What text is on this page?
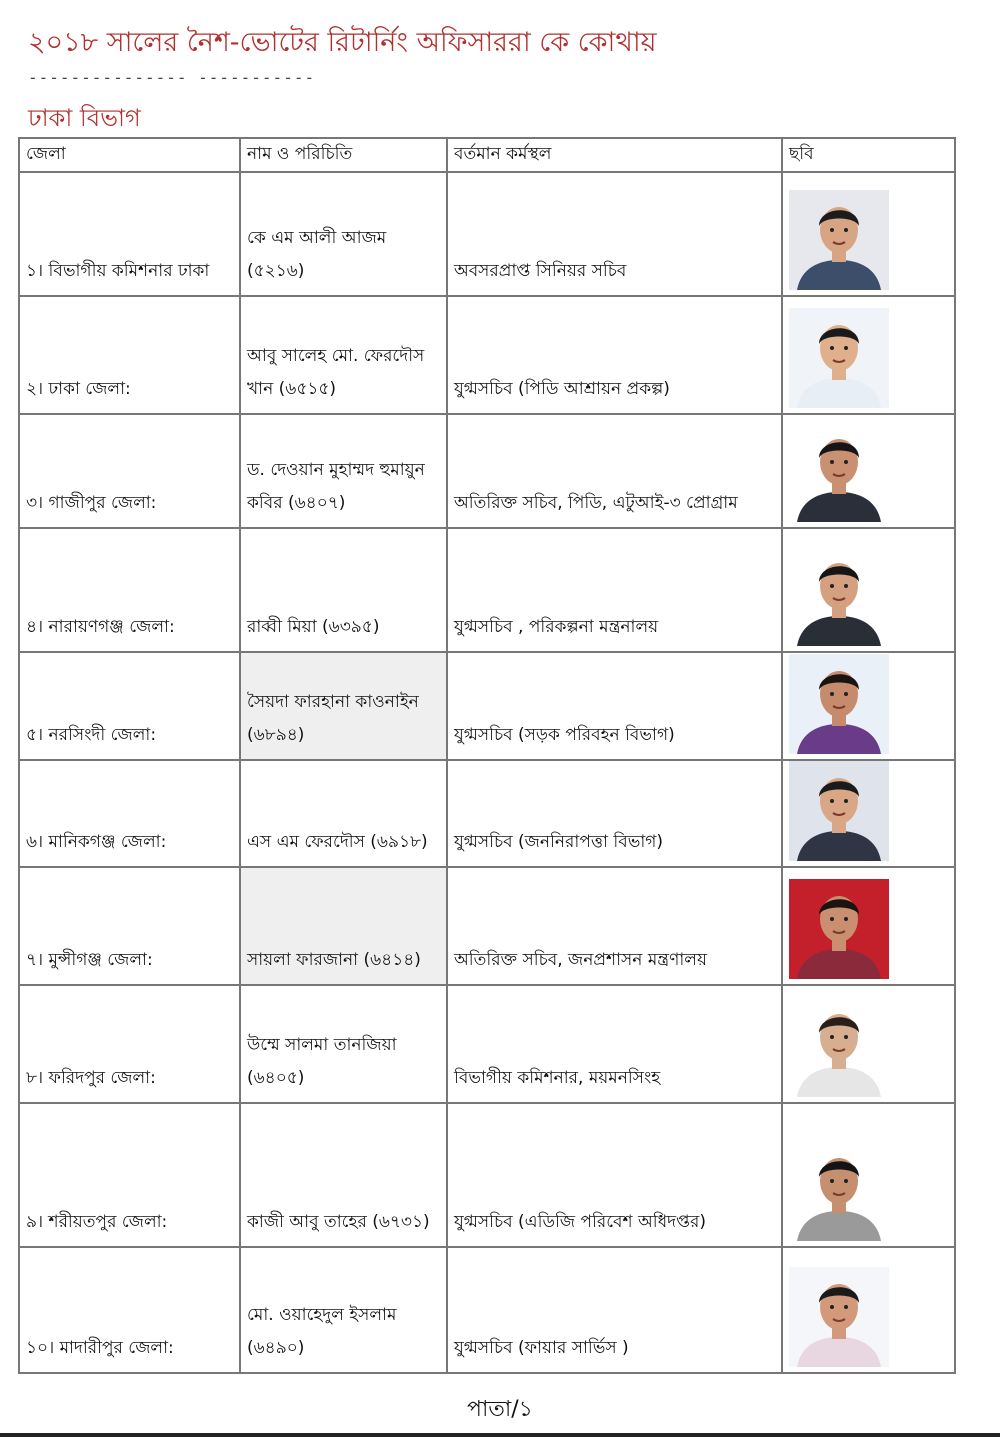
২০১৮ সালের নৈশ-ভোটের রিটার্নিং অফিসাররা কে কোথায়
--------------- -----------
ঢাকা বিভাগ
জেলা	নাম ও পরিচিতি	বর্তমান কর্মস্থল	ছবি

১। বিভাগীয় কমিশনার ঢাকা	কে এম আলী আজম (৫২১৬)	অবসরপ্রাপ্ত সিনিয়র সচিব

২। ঢাকা জেলা:	আবু সালেহ মো. ফেরদৌস খান (৬৫১৫)	যুগ্মসচিব (পিডি আশ্রায়ন প্রকল্প)

৩। গাজীপুর জেলা:	ড. দেওয়ান মুহাম্মদ হুমায়ুন কবির (৬৪০৭)	অতিরিক্ত সচিব, পিডি, এটুআই-৩ প্রোগ্রাম

৪। নারায়ণগঞ্জ জেলা:	রাব্বী মিয়া (৬৩৯৫)	যুগ্মসচিব , পরিকল্পনা মন্ত্রনালয়

৫। নরসিংদী জেলা:	সৈয়দা ফারহানা কাওনাইন (৬৮৯৪)	যুগ্মসচিব (সড়ক পরিবহন বিভাগ)

৬। মানিকগঞ্জ জেলা:	এস এম ফেরদৌস (৬৯১৮)	যুগ্মসচিব (জননিরাপত্তা বিভাগ)

৭। মুন্সীগঞ্জ জেলা:	সায়লা ফারজানা (৬৪১৪)	অতিরিক্ত সচিব, জনপ্রশাসন মন্ত্রণালয়

৮। ফরিদপুর জেলা:	উম্মে সালমা তানজিয়া (৬৪০৫)	বিভাগীয় কমিশনার, ময়মনসিংহ

৯। শরীয়তপুর জেলা:	কাজী আবু তাহের (৬৭৩১)	যুগ্মসচিব (এডিজি পরিবেশ অধিদপ্তর)

১০। মাদারীপুর জেলা:	মো. ওয়াহেদুল ইসলাম (৬৪৯০)	যুগ্মসচিব (ফায়ার সার্ভিস )

পাতা/১
